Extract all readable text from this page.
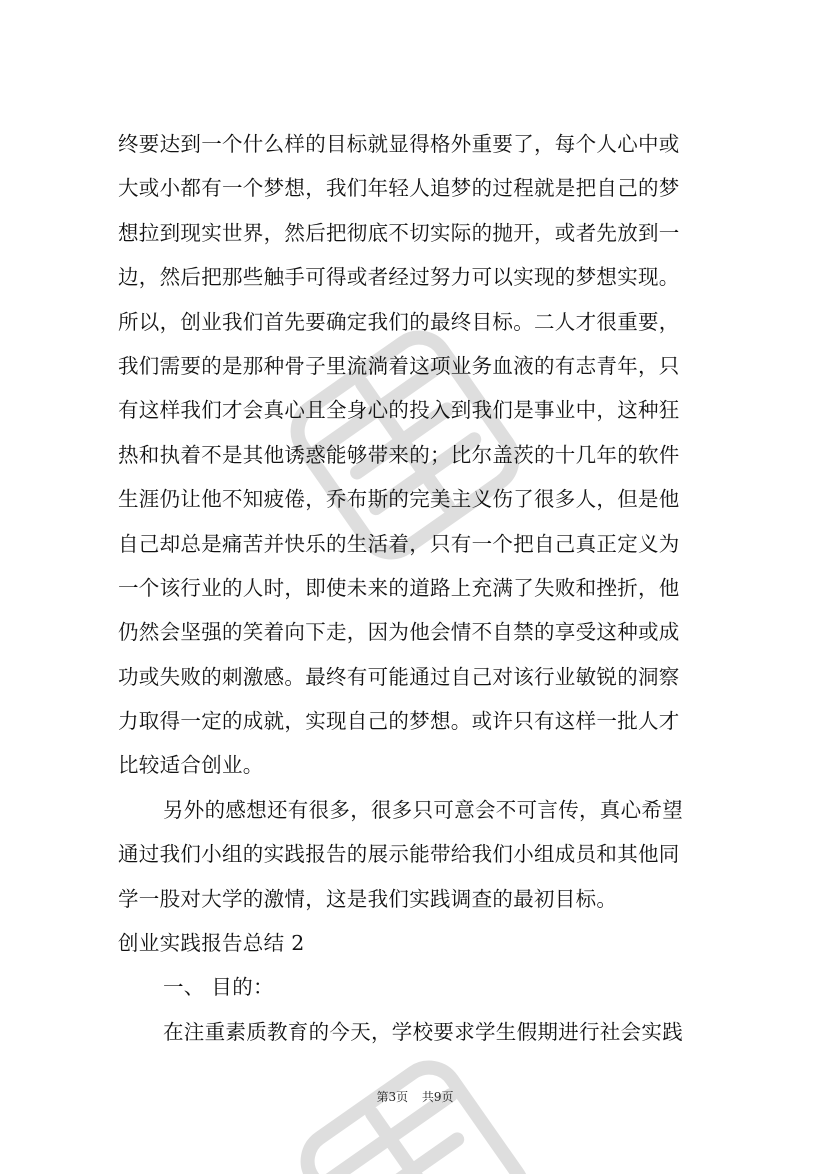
终要达到一个什么样的目标就显得格外重要了，每个人心中或
大或小都有一个梦想，我们年轻人追梦的过程就是把自己的梦
想拉到现实世界，然后把彻底不切实际的抛开，或者先放到一
边，然后把那些触手可得或者经过努力可以实现的梦想实现。
所以，创业我们首先要确定我们的最终目标。二人才很重要，
我们需要的是那种骨子里流淌着这项业务血液的有志青年，只
有这样我们才会真心且全身心的投入到我们是事业中，这种狂
热和执着不是其他诱惑能够带来的；比尔盖茨的十几年的软件
生涯仍让他不知疲倦，乔布斯的完美主义伤了很多人，但是他
自己却总是痛苦并快乐的生活着，只有一个把自己真正定义为
一个该行业的人时，即使未来的道路上充满了失败和挫折，他
仍然会坚强的笑着向下走，因为他会情不自禁的享受这种或成
功或失败的刺激感。最终有可能通过自己对该行业敏锐的洞察
力取得一定的成就，实现自己的梦想。或许只有这样一批人才
比较适合创业。
另外的感想还有很多，很多只可意会不可言传，真心希望
通过我们小组的实践报告的展示能带给我们小组成员和其他同
学一股对大学的激情，这是我们实践调查的最初目标。
创业实践报告总结 2
一、 目的：
在注重素质教育的今天，学校要求学生假期进行社会实践
第3页 共9页
